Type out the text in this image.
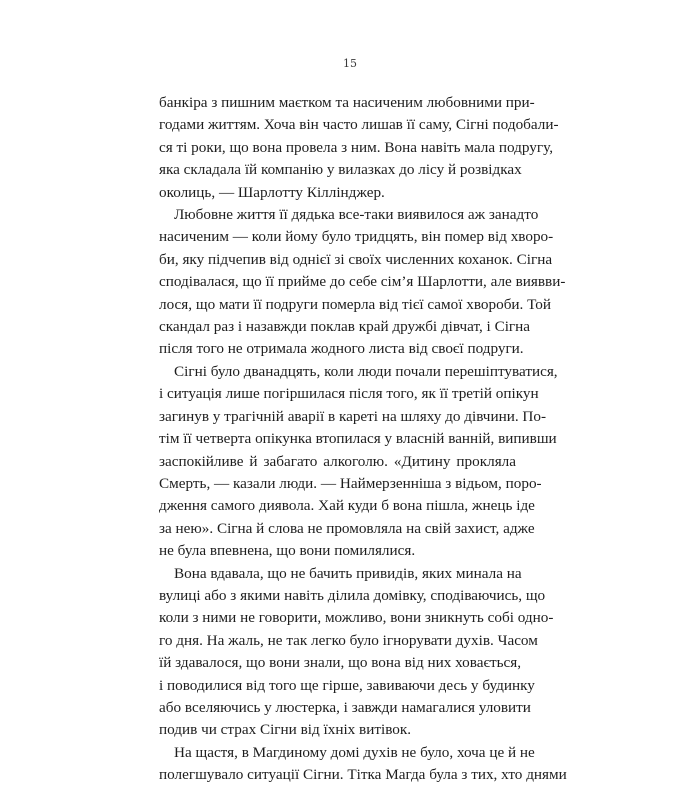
15
банкіра з пишним маєтком та насиченим любовними при-
годами життям. Хоча він часто лишав її саму, Сігні подобали-
ся ті роки, що вона провела з ним. Вона навіть мала подругу,
яка складала їй компанію у вилазках до лісу й розвідках
околиць, — Шарлотту Кіллінджер.
Любовне життя її дядька все-таки виявилося аж занадто
насиченим — коли йому було тридцять, він помер від хворо-
би, яку підчепив від однієї зі своїх численних коханок. Сігна
сподівалася, що її прийме до себе сім’я Шарлотти, але виявви-
лося, що мати її подруги померла від тієї самої хвороби. Той
скандал раз і назавжди поклав край дружбі дівчат, і Сігна
після того не отримала жодного листа від своєї подруги.
Сігні було дванадцять, коли люди почали перешіптуватися,
і ситуація лише погіршилася після того, як її третій опікун
загинув у трагічній аварії в кареті на шляху до дівчини. По-
тім її четверта опікунка втопилася у власній ванній, випивши
заспокійливе й забагато алкоголю. «Дитину прокляла
Смерть, — казали люди. — Наймерзенніша з відьом, поро-
дження самого диявола. Хай куди б вона пішла, жнець іде
за нею». Сігна й слова не промовляла на свій захист, адже
не була впевнена, що вони помилялися.
Вона вдавала, що не бачить привидів, яких минала на
вулиці або з якими навіть ділила домівку, сподіваючись, що
коли з ними не говорити, можливо, вони зникнуть собі одно-
го дня. На жаль, не так легко було ігнорувати духів. Часом
їй здавалося, що вони знали, що вона від них ховається,
і поводилися від того ще гірше, завиваючи десь у будинку
або вселяючись у люстерка, і завжди намагалися уловити
подив чи страх Сігни від їхніх витівок.
На щастя, в Магдиному домі духів не було, хоча це й не
полегшувало ситуації Сігни. Тітка Магда була з тих, хто днями
